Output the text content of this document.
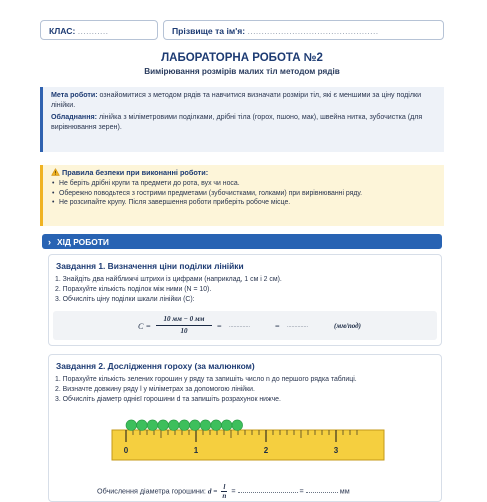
КЛАС: ...........	Прізвище та ім'я: ...............................................
ЛАБОРАТОРНА РОБОТА №2
Вимірювання розмірів малих тіл методом рядів

Мета роботи: ознайомитися з методом рядів та навчитися визначати розміри тіл, які є меншими за ціну поділки лінійки.

Обладнання: лінійка з міліметровими поділками, дрібні тіла (горох, пшоно, мак), швейна нитка, зубочистка (для вирівнювання зерен).

Правила безпеки при виконанні роботи:
• Не беріть дрібні крупи та предмети до рота, вух чи носа.
• Обережно поводьтеся з гострими предметами (зубочистками, голками) при вирівнюванні ряду.
• Не розсипайте крупу. Після завершення роботи приберіть робоче місце.
› ХІД РОБОТИ
Завдання 1. Визначення ціни поділки лінійки
1. Знайдіть два найближчі штрихи із цифрами (наприклад, 1 см і 2 см).
2. Порахуйте кількість поділок між ними (N = 10).
3. Обчисліть ціну поділки шкали лінійки (С):
С =
10 мм − 0 мм
10	= ..............	= ..............	(мм/под)
Завдання 2. Дослідження гороху (за малюнком)
1. Порахуйте кількість зелених горошин у ряду та запишіть число n до першого рядка таблиці.
2. Визначте довжину ряду l у міліметрах за допомогою лінійки.
3. Обчисліть діаметр однієї горошини d та запишіть розрахунок нижче.
0	1	2	3
Обчислення діаметра горошини: $d = \frac{l}{n}$ =	=	мм
